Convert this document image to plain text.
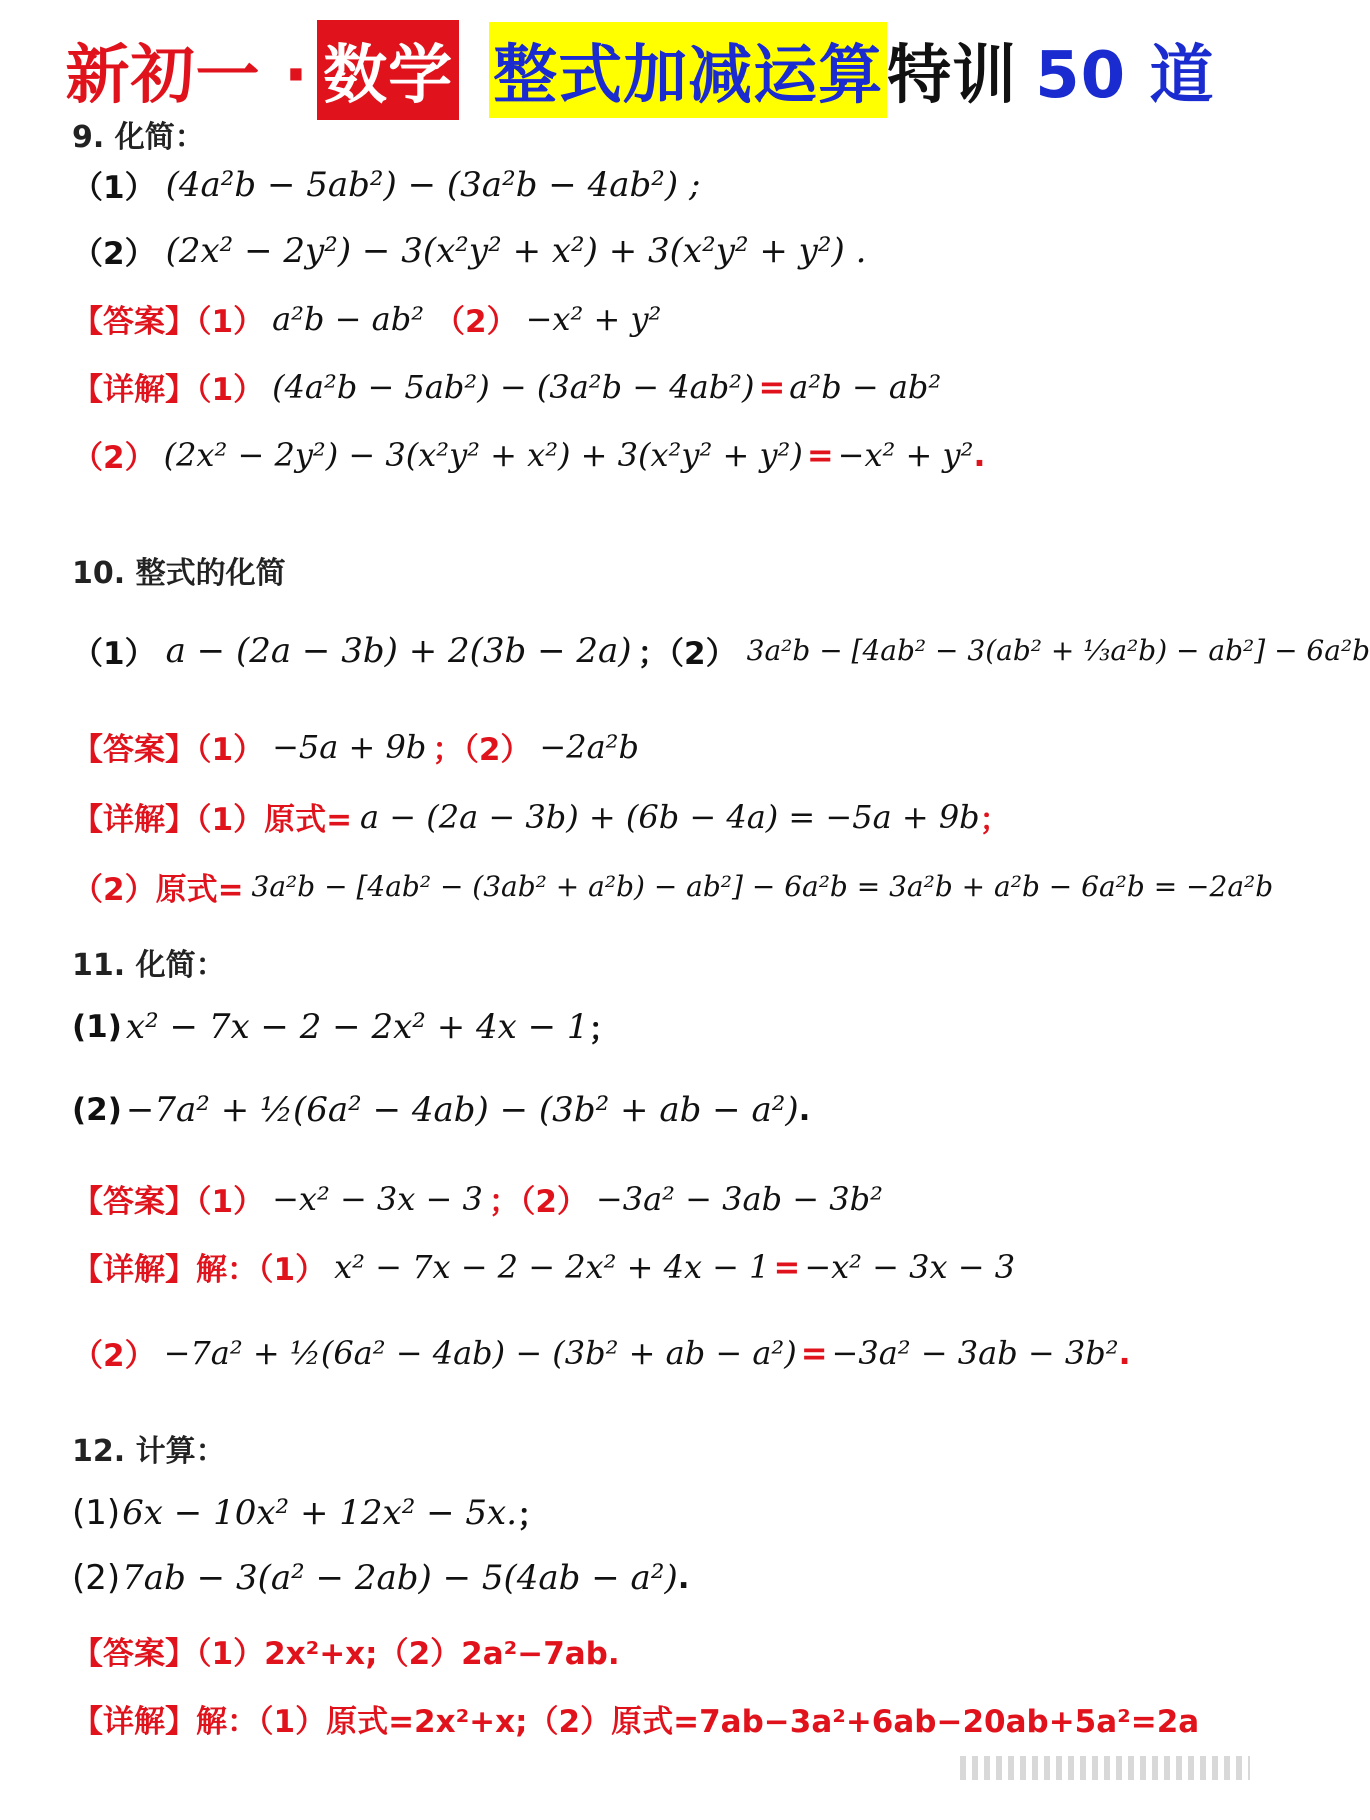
新初一 · 数学 整式加减运算 特训 50 道
9. 化简：
（1） (4a²b − 5ab²) − (3a²b − 4ab²) ;
（2） (2x² − 2y²) − 3(x²y² + x²) + 3(x²y² + y²) .
【答案】（1） a²b − ab² （2） −x² + y²
【详解】（1） (4a²b − 5ab²) − (3a²b − 4ab²) = a²b − ab²
（2） (2x² − 2y²) − 3(x²y² + x²) + 3(x²y² + y²) = −x² + y² .
10. 整式的化简
（1） a − (2a − 3b) + 2(3b − 2a) ；（2） 3a²b − [4ab² − 3(ab² + ⅓a²b) − ab²] − 6a²b
【答案】（1） −5a + 9b ；（2） −2a²b
【详解】（1）原式= a − (2a − 3b) + (6b − 4a) = −5a + 9b ；
（2）原式= 3a²b − [4ab² − (3ab² + a²b) − ab²] − 6a²b = 3a²b + a²b − 6a²b = −2a²b
11. 化简：
(1) x² − 7x − 2 − 2x² + 4x − 1 ；
(2) −7a² + ½(6a² − 4ab) − (3b² + ab − a²) .
【答案】（1） −x² − 3x − 3 ；（2） −3a² − 3ab − 3b²
【详解】解：（1） x² − 7x − 2 − 2x² + 4x − 1 = −x² − 3x − 3
（2） −7a² + ½(6a² − 4ab) − (3b² + ab − a²) = −3a² − 3ab − 3b² .
12. 计算：
(1) 6x − 10x² + 12x² − 5x. ；
(2) 7ab − 3(a² − 2ab) − 5(4ab − a²) .
【答案】（1）2x²+x;（2）2a²−7ab.
【详解】解：（1）原式=2x²+x;（2）原式=7ab−3a²+6ab−20ab+5a²=2a
